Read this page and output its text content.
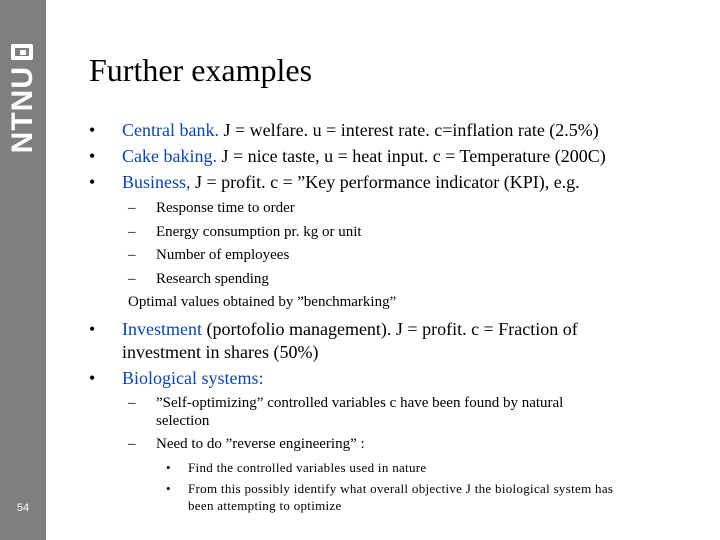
NTNU
54
Further examples
• Central bank. J = welfare. u = interest rate. c=inflation rate (2.5%)
• Cake baking. J = nice taste, u = heat input. c = Temperature (200C)
• Business, J = profit. c = ”Key performance indicator (KPI), e.g.
– Response time to order
– Energy consumption pr. kg or unit
– Number of employees
– Research spending
Optimal values obtained by ”benchmarking”
• Investment (portofolio management). J = profit. c = Fraction of
investment in shares (50%)
• Biological systems:
– ”Self-optimizing” controlled variables c have been found by natural
selection
– Need to do ”reverse engineering” :
• Find the controlled variables used in nature
• From this possibly identify what overall objective J the biological system has
been attempting to optimize
